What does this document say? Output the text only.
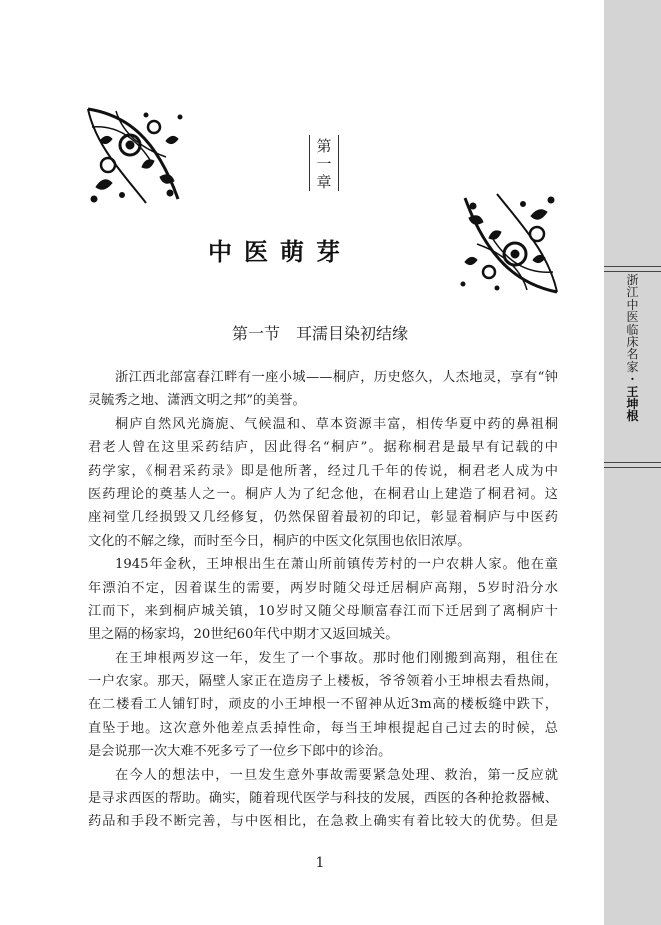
浙
江
中
医
临
床
名
家
·
王
坤
根
第
一
章
中医萌芽
第一节　耳濡目染初结缘
浙江西北部富春江畔有一座小城——桐庐，历史悠久，人杰地灵，享有“钟
灵毓秀之地、潇洒文明之邦”的美誉。
桐庐自然风光旖旎、气候温和、草本资源丰富，相传华夏中药的鼻祖桐
君老人曾在这里采药结庐，因此得名“桐庐”。据称桐君是最早有记载的中
药学家，《桐君采药录》即是他所著，经过几千年的传说，桐君老人成为中
医药理论的奠基人之一。桐庐人为了纪念他，在桐君山上建造了桐君祠。这
座祠堂几经损毁又几经修复，仍然保留着最初的印记，彰显着桐庐与中医药
文化的不解之缘，而时至今日，桐庐的中医文化氛围也依旧浓厚。
1945年金秋，王坤根出生在萧山所前镇传芳村的一户农耕人家。他在童
年漂泊不定，因着谋生的需要，两岁时随父母迁居桐庐高翔，5岁时沿分水
江而下，来到桐庐城关镇，10岁时又随父母顺富春江而下迁居到了离桐庐十
里之隔的杨家坞，20世纪60年代中期才又返回城关。
在王坤根两岁这一年，发生了一个事故。那时他们刚搬到高翔，租住在
一户农家。那天，隔壁人家正在造房子上楼板，爷爷领着小王坤根去看热闹，
在二楼看工人铺钉时，顽皮的小王坤根一不留神从近3m高的楼板缝中跌下，
直坠于地。这次意外他差点丢掉性命，每当王坤根提起自己过去的时候，总
是会说那一次大难不死多亏了一位乡下郎中的诊治。
在今人的想法中，一旦发生意外事故需要紧急处理、救治，第一反应就
是寻求西医的帮助。确实，随着现代医学与科技的发展，西医的各种抢救器械、
药品和手段不断完善，与中医相比，在急救上确实有着比较大的优势。但是
1
